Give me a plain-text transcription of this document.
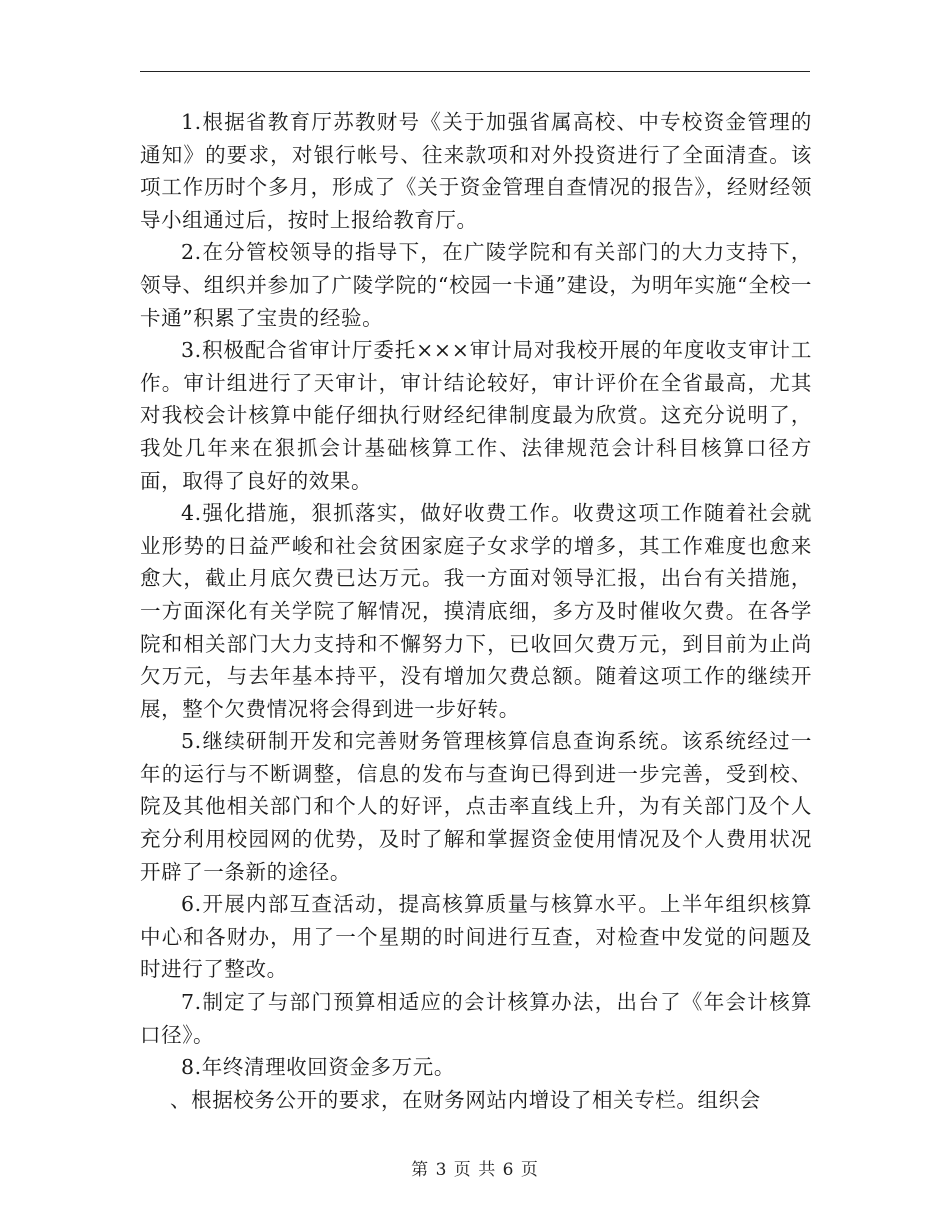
1.根据省教育厅苏教财号《关于加强省属高校、中专校资金管理的通知》的要求，对银行帐号、往来款项和对外投资进行了全面清查。该项工作历时个多月，形成了《关于资金管理自查情况的报告》，经财经领导小组通过后，按时上报给教育厅。

2.在分管校领导的指导下，在广陵学院和有关部门的大力支持下，领导、组织并参加了广陵学院的“校园一卡通”建设，为明年实施“全校一卡通”积累了宝贵的经验。

3.积极配合省审计厅委托×××审计局对我校开展的年度收支审计工作。审计组进行了天审计，审计结论较好，审计评价在全省最高，尤其对我校会计核算中能仔细执行财经纪律制度最为欣赏。这充分说明了，我处几年来在狠抓会计基础核算工作、法律规范会计科目核算口径方面，取得了良好的效果。

4.强化措施，狠抓落实，做好收费工作。收费这项工作随着社会就业形势的日益严峻和社会贫困家庭子女求学的增多，其工作难度也愈来愈大，截止月底欠费已达万元。我一方面对领导汇报，出台有关措施，一方面深化有关学院了解情况，摸清底细，多方及时催收欠费。在各学院和相关部门大力支持和不懈努力下，已收回欠费万元，到目前为止尚欠万元，与去年基本持平，没有增加欠费总额。随着这项工作的继续开展，整个欠费情况将会得到进一步好转。

5.继续研制开发和完善财务管理核算信息查询系统。该系统经过一年的运行与不断调整，信息的发布与查询已得到进一步完善，受到校、院及其他相关部门和个人的好评，点击率直线上升，为有关部门及个人充分利用校园网的优势，及时了解和掌握资金使用情况及个人费用状况开辟了一条新的途径。

6.开展内部互查活动，提高核算质量与核算水平。上半年组织核算中心和各财办，用了一个星期的时间进行互查，对检查中发觉的问题及时进行了整改。

7.制定了与部门预算相适应的会计核算办法，出台了《年会计核算口径》。

8.年终清理收回资金多万元。

、根据校务公开的要求，在财务网站内增设了相关专栏。组织会

第 3 页 共 6 页
